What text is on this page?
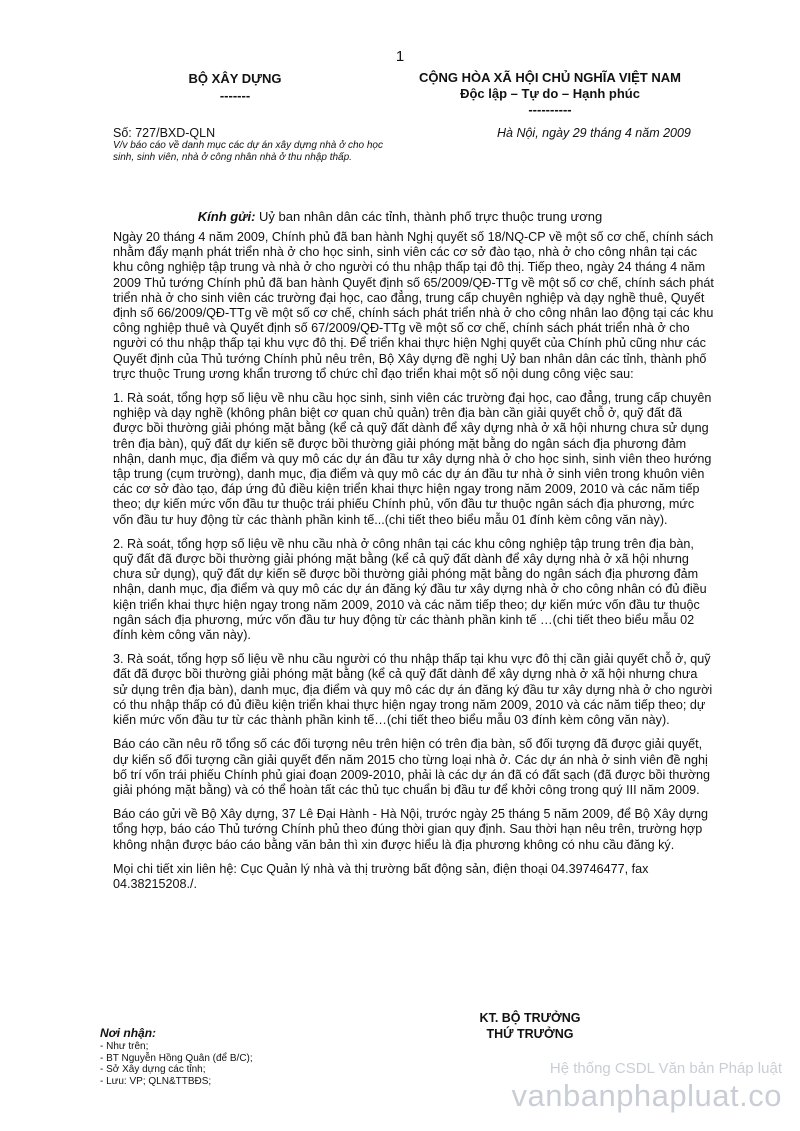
1
BỘ XÂY DỰNG
-------
CỘNG HÒA XÃ HỘI CHỦ NGHĨA VIỆT NAM
Độc lập – Tự do – Hạnh phúc
----------
Số: 727/BXD-QLN
V/v báo cáo về danh mục các dự án xây dựng nhà ở cho học sinh, sinh viên, nhà ở công nhân nhà ở thu nhập thấp.
Hà Nội, ngày 29 tháng 4 năm 2009
Kính gửi: Uỷ ban nhân dân các tỉnh, thành phố trực thuộc trung ương

Ngày 20 tháng 4 năm 2009, Chính phủ đã ban hành Nghị quyết số 18/NQ-CP về một số cơ chế, chính sách nhằm đẩy mạnh phát triển nhà ở cho học sinh, sinh viên các cơ sở đào tạo, nhà ở cho công nhân tại các khu công nghiệp tập trung và nhà ở cho người có thu nhập thấp tại đô thị. Tiếp theo, ngày 24 tháng 4 năm 2009 Thủ tướng Chính phủ đã ban hành Quyết định số 65/2009/QĐ-TTg về một số cơ chế, chính sách phát triển nhà ở cho sinh viên các trường đại học, cao đẳng, trung cấp chuyên nghiệp và dạy nghề thuê, Quyết định số 66/2009/QĐ-TTg về một số cơ chế, chính sách phát triển nhà ở cho công nhân lao động tại các khu công nghiệp thuê và Quyết định số 67/2009/QĐ-TTg về một số cơ chế, chính sách phát triển nhà ở cho người có thu nhập thấp tại khu vực đô thị. Để triển khai thực hiện Nghị quyết của Chính phủ cũng như các Quyết định của Thủ tướng Chính phủ nêu trên, Bộ Xây dựng đề nghị Uỷ ban nhân dân các tỉnh, thành phố trực thuộc Trung ương khẩn trương tổ chức chỉ đạo triển khai một số nội dung công việc sau:

1. Rà soát, tổng hợp số liệu về nhu cầu học sinh, sinh viên các trường đại học, cao đẳng, trung cấp chuyên nghiệp và dạy nghề (không phân biệt cơ quan chủ quản) trên địa bàn cần giải quyết chỗ ở, quỹ đất đã được bồi thường giải phóng mặt bằng (kể cả quỹ đất dành để xây dựng nhà ở xã hội nhưng chưa sử dụng trên địa bàn), quỹ đất dự kiến sẽ được bồi thường giải phóng mặt bằng do ngân sách địa phương đảm nhận, danh mục, địa điểm và quy mô các dự án đầu tư xây dựng nhà ở cho học sinh, sinh viên theo hướng tập trung (cụm trường), danh mục, địa điểm và quy mô các dự án đầu tư nhà ở sinh viên trong khuôn viên các cơ sở đào tạo, đáp ứng đủ điều kiện triển khai thực hiện ngay trong năm 2009, 2010 và các năm tiếp theo; dự kiến mức vốn đầu tư thuộc trái phiếu Chính phủ, vốn đầu tư thuộc ngân sách địa phương, mức vốn đầu tư huy động từ các thành phần kinh tế...(chi tiết theo biểu mẫu 01 đính kèm công văn này).

2. Rà soát, tổng hợp số liệu về nhu cầu nhà ở công nhân tại các khu công nghiệp tập trung trên địa bàn, quỹ đất đã được bồi thường giải phóng mặt bằng (kể cả quỹ đất dành để xây dựng nhà ở xã hội nhưng chưa sử dụng), quỹ đất dự kiến sẽ được bồi thường giải phóng mặt bằng do ngân sách địa phương đảm nhận, danh mục, địa điểm và quy mô các dự án đăng ký đầu tư xây dựng nhà ở cho công nhân có đủ điều kiện triển khai thực hiện ngay trong năm 2009, 2010 và các năm tiếp theo; dự kiến mức vốn đầu tư thuộc ngân sách địa phương, mức vốn đầu tư huy động từ các thành phần kinh tế …(chi tiết theo biểu mẫu 02 đính kèm công văn này).

3. Rà soát, tổng hợp số liệu về nhu cầu người có thu nhập thấp tại khu vực đô thị cần giải quyết chỗ ở, quỹ đất đã được bồi thường giải phóng mặt bằng (kể cả quỹ đất dành để xây dựng nhà ở xã hội nhưng chưa sử dụng trên địa bàn), danh mục, địa điểm và quy mô các dự án đăng ký đầu tư xây dựng nhà ở cho người có thu nhập thấp có đủ điều kiện triển khai thực hiện ngay trong năm 2009, 2010 và các năm tiếp theo; dự kiến mức vốn đầu tư từ các thành phần kinh tế…(chi tiết theo biểu mẫu 03 đính kèm công văn này).

Báo cáo cần nêu rõ tổng số các đối tượng nêu trên hiện có trên địa bàn, số đối tượng đã được giải quyết, dự kiến số đối tượng cần giải quyết đến năm 2015 cho từng loại nhà ở. Các dự án nhà ở sinh viên đề nghị bố trí vốn trái phiếu Chính phủ giai đoạn 2009-2010, phải là các dự án đã có đất sạch (đã được bồi thường giải phóng mặt bằng) và có thể hoàn tất các thủ tục chuẩn bị đầu tư để khởi công trong quý III năm 2009.

Báo cáo gửi về Bộ Xây dựng, 37 Lê Đại Hành - Hà Nội, trước ngày 25 tháng 5 năm 2009, để Bộ Xây dựng tổng hợp, báo cáo Thủ tướng Chính phủ theo đúng thời gian quy định. Sau thời hạn nêu trên, trường hợp không nhận được báo cáo bằng văn bản thì xin được hiểu là địa phương không có nhu cầu đăng ký.

Mọi chi tiết xin liên hệ: Cục Quản lý nhà và thị trường bất động sản, điện thoại 04.39746477, fax 04.38215208./.

KT. BỘ TRƯỞNG
THỨ TRƯỞNG
Nơi nhận:
- Như trên;
- BT Nguyễn Hồng Quân (để B/C);
- Sở Xây dựng các tỉnh;
- Lưu: VP; QLN&TTBĐS;
Hệ thống CSDL Văn bản Pháp luật
vanbanphapluat.co
